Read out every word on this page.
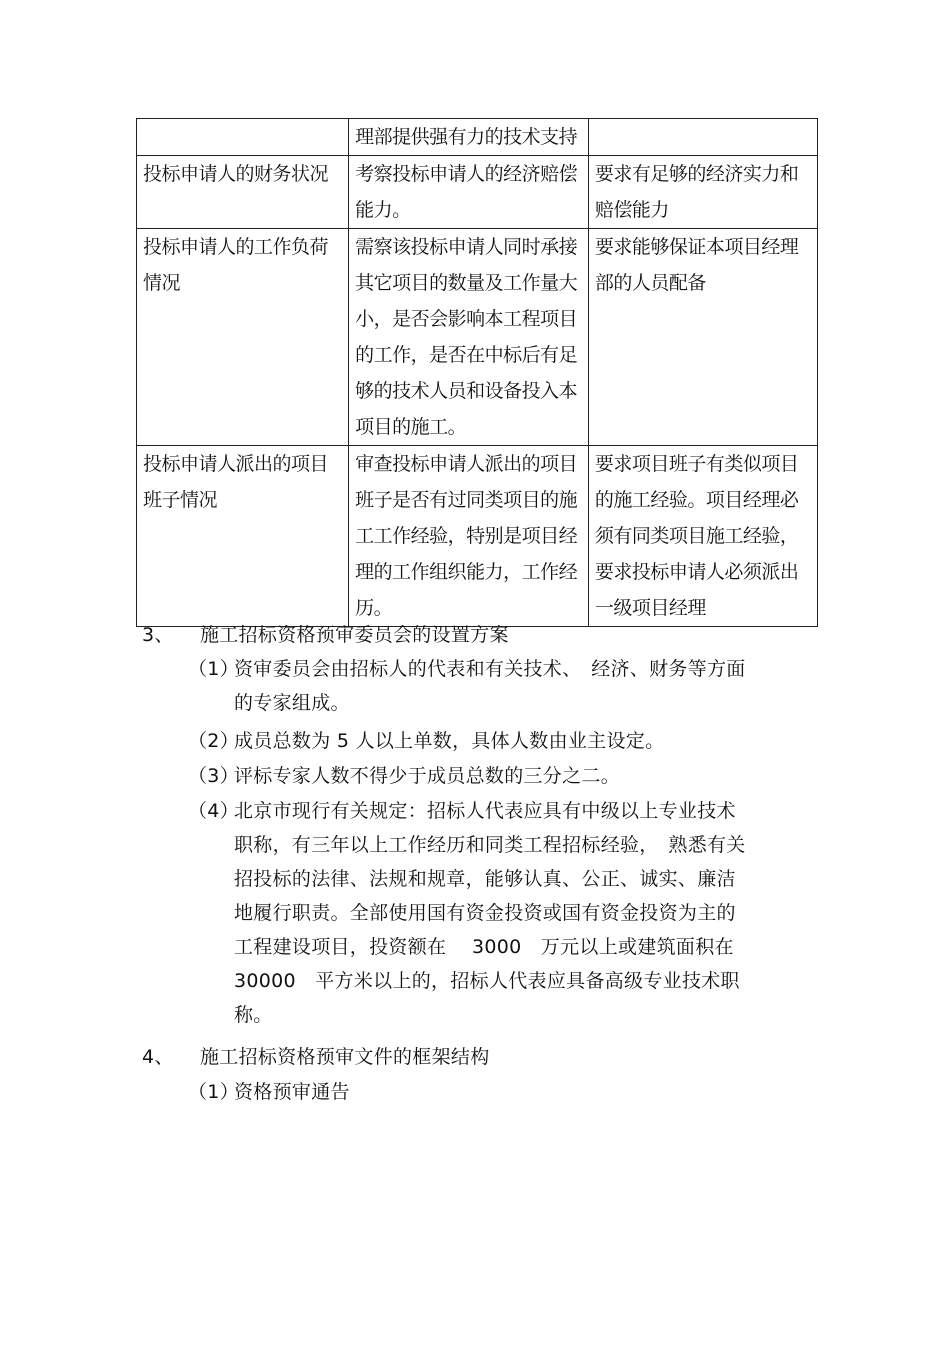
	理部提供强有力的技术支持	
投标申请人的财务状况	考察投标申请人的经济赔偿能力。	要求有足够的经济实力和赔偿能力
投标申请人的工作负荷情况	需察该投标申请人同时承接其它项目的数量及工作量大小，是否会影响本工程项目的工作，是否在中标后有足够的技术人员和设备投入本项目的施工。	要求能够保证本项目经理部的人员配备
投标申请人派出的项目班子情况	审查投标申请人派出的项目班子是否有过同类项目的施工工作经验，特别是项目经理的工作组织能力，工作经历。	要求项目班子有类似项目的施工经验。项目经理必须有同类项目施工经验，要求投标申请人必须派出一级项目经理
3、 施工招标资格预审委员会的设置方案
（1）资审委员会由招标人的代表和有关技术、　经济、财务等方面
的专家组成。
（2）成员总数为 5 人以上单数，具体人数由业主设定。
（3）评标专家人数不得少于成员总数的三分之二。
（4）北京市现行有关规定：招标人代表应具有中级以上专业技术
职称，有三年以上工作经历和同类工程招标经验，　熟悉有关
招投标的法律、法规和规章，能够认真、公正、诚实、廉洁
地履行职责。全部使用国有资金投资或国有资金投资为主的
工程建设项目，投资额在　 3000　万元以上或建筑面积在
30000　平方米以上的，招标人代表应具备高级专业技术职
称。
4、 施工招标资格预审文件的框架结构
（1）资格预审通告
